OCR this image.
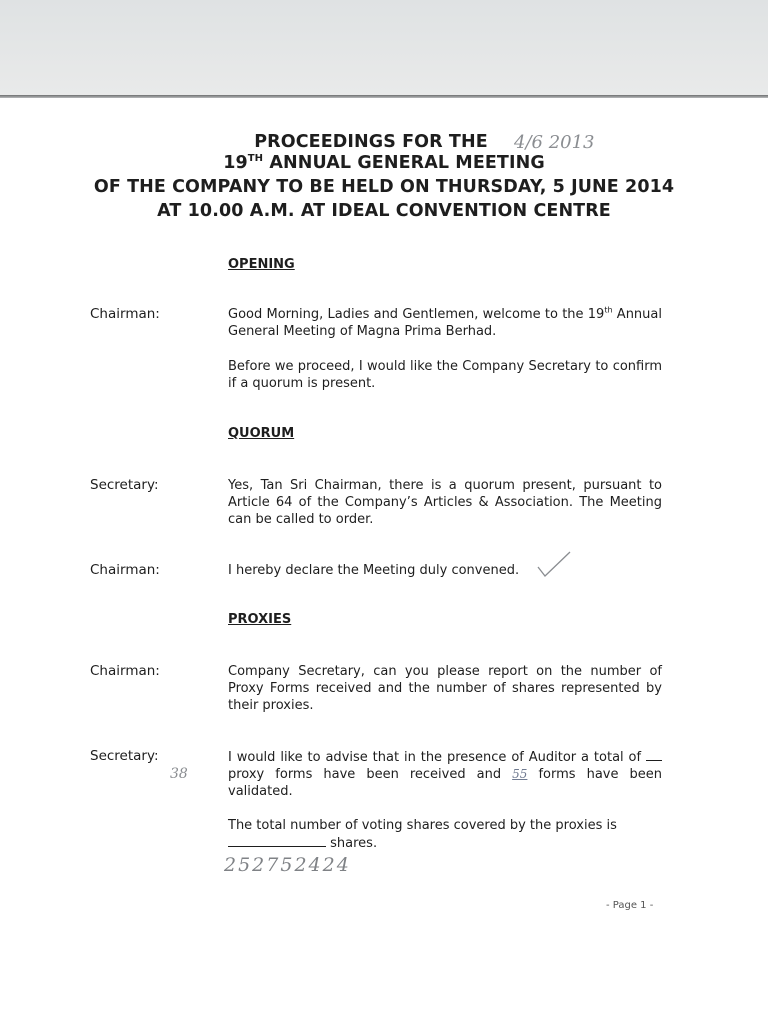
PROCEEDINGS FOR THE	4/6 2013
19TH ANNUAL GENERAL MEETING
OF THE COMPANY TO BE HELD ON THURSDAY, 5 JUNE 2014
AT 10.00 A.M. AT IDEAL CONVENTION CENTRE
OPENING
Chairman:	Good Morning, Ladies and Gentlemen, welcome to the 19th Annual General Meeting of Magna Prima Berhad.
Before we proceed, I would like the Company Secretary to confirm if a quorum is present.
QUORUM
Secretary:	Yes, Tan Sri Chairman, there is a quorum present, pursuant to Article 64 of the Company’s Articles & Association. The Meeting can be called to order.
Chairman:	I hereby declare the Meeting duly convened.
PROXIES
Chairman:	Company Secretary, can you please report on the number of Proxy Forms received and the number of shares represented by their proxies.
Secretary:
38
I would like to advise that in the presence of Auditor a total of  proxy forms have been received and 55 forms have been validated.
The total number of voting shares covered by the proxies is
shares.
252752424
- Page 1 -
